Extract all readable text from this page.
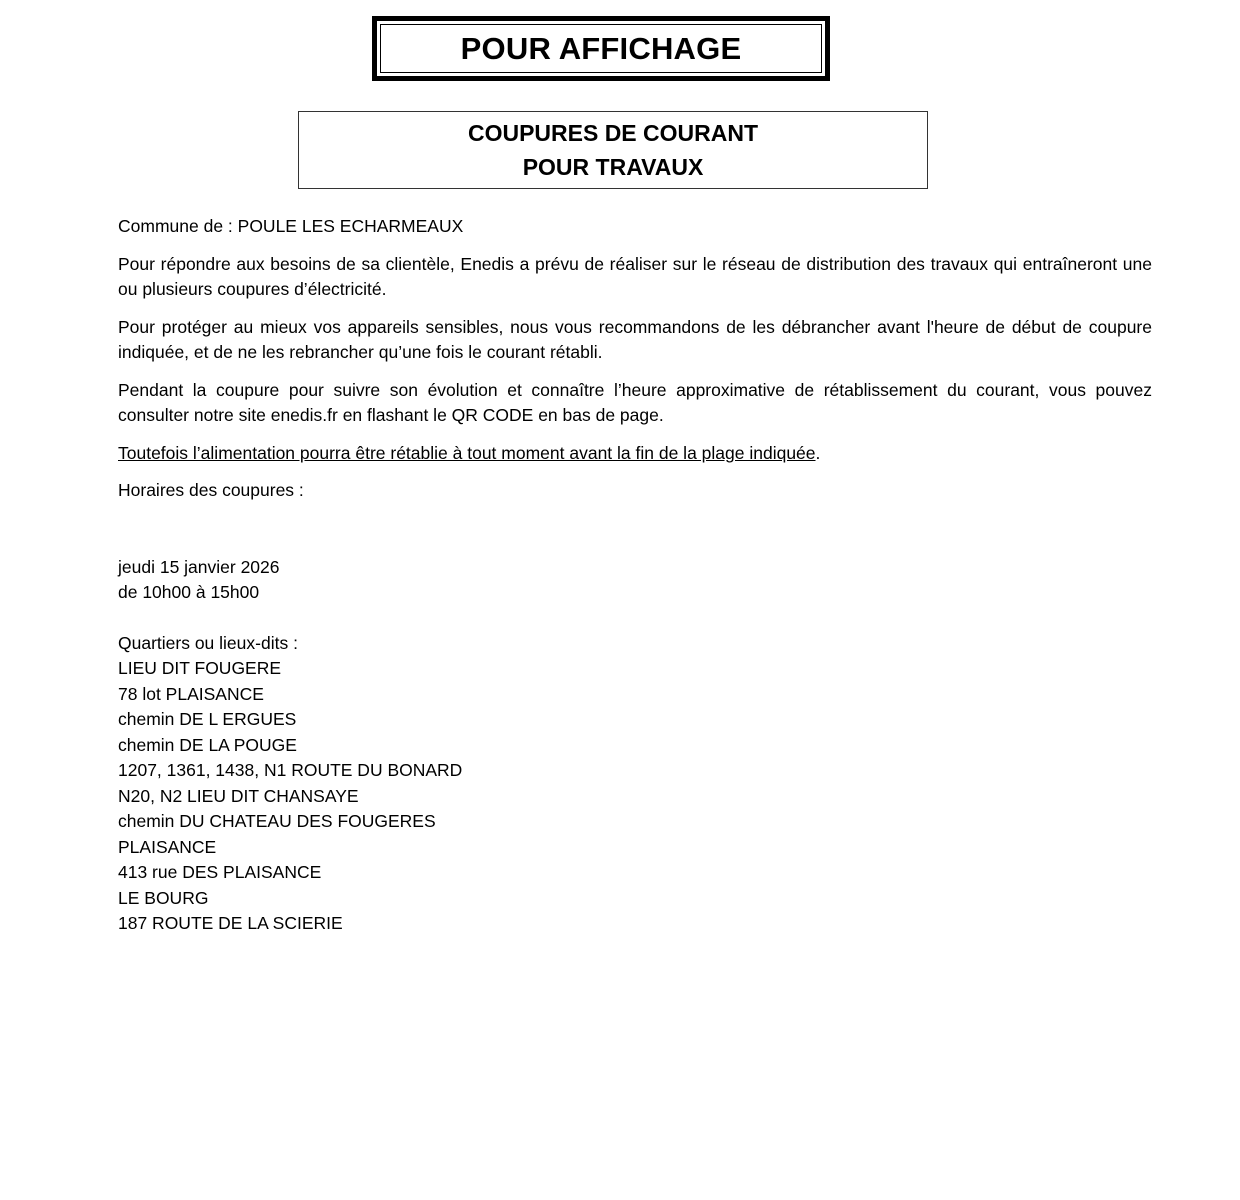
POUR AFFICHAGE
COUPURES DE COURANT
POUR TRAVAUX

Commune de : POULE LES ECHARMEAUX

Pour répondre aux besoins de sa clientèle, Enedis a prévu de réaliser sur le réseau de distribution des travaux qui entraîneront une ou plusieurs coupures d’électricité.

Pour protéger au mieux vos appareils sensibles, nous vous recommandons de les débrancher avant l'heure de début de coupure indiquée, et de ne les rebrancher qu’une fois le courant rétabli.

Pendant la coupure pour suivre son évolution et connaître l’heure approximative de rétablissement du courant, vous pouvez consulter notre site enedis.fr en flashant le QR CODE en bas de page.

Toutefois l’alimentation pourra être rétablie à tout moment avant la fin de la plage indiquée.

Horaires des coupures :

jeudi 15 janvier 2026
de 10h00 à 15h00
Quartiers ou lieux-dits :
LIEU DIT FOUGERE
78 lot PLAISANCE
chemin DE L ERGUES
chemin DE LA POUGE
1207, 1361, 1438, N1 ROUTE DU BONARD
N20, N2 LIEU DIT CHANSAYE
chemin DU CHATEAU DES FOUGERES
PLAISANCE
413 rue DES PLAISANCE
LE BOURG
187 ROUTE DE LA SCIERIE
